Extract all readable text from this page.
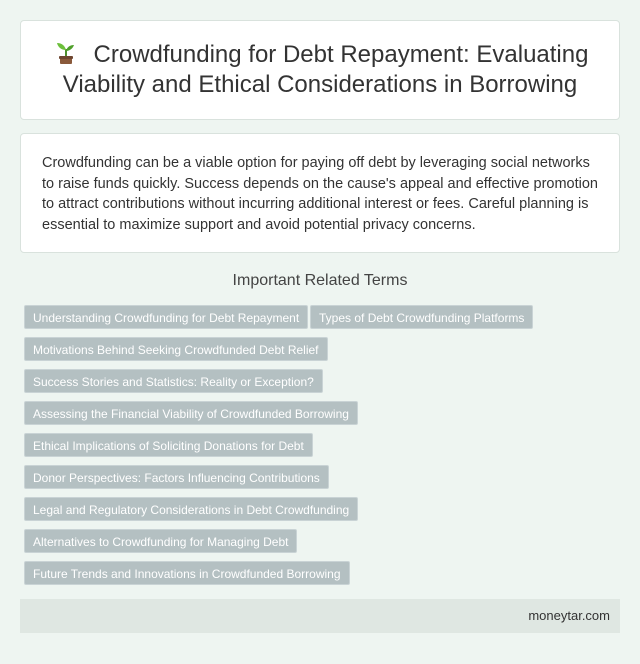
Crowdfunding for Debt Repayment: Evaluating Viability and Ethical Considerations in Borrowing

Crowdfunding can be a viable option for paying off debt by leveraging social networks to raise funds quickly. Success depends on the cause's appeal and effective promotion to attract contributions without incurring additional interest or fees. Careful planning is essential to maximize support and avoid potential privacy concerns.

Important Related Terms
Understanding Crowdfunding for Debt Repayment	Types of Debt Crowdfunding Platforms
Motivations Behind Seeking Crowdfunded Debt Relief
Success Stories and Statistics: Reality or Exception?
Assessing the Financial Viability of Crowdfunded Borrowing
Ethical Implications of Soliciting Donations for Debt
Donor Perspectives: Factors Influencing Contributions
Legal and Regulatory Considerations in Debt Crowdfunding
Alternatives to Crowdfunding for Managing Debt
Future Trends and Innovations in Crowdfunded Borrowing
moneytar.com
